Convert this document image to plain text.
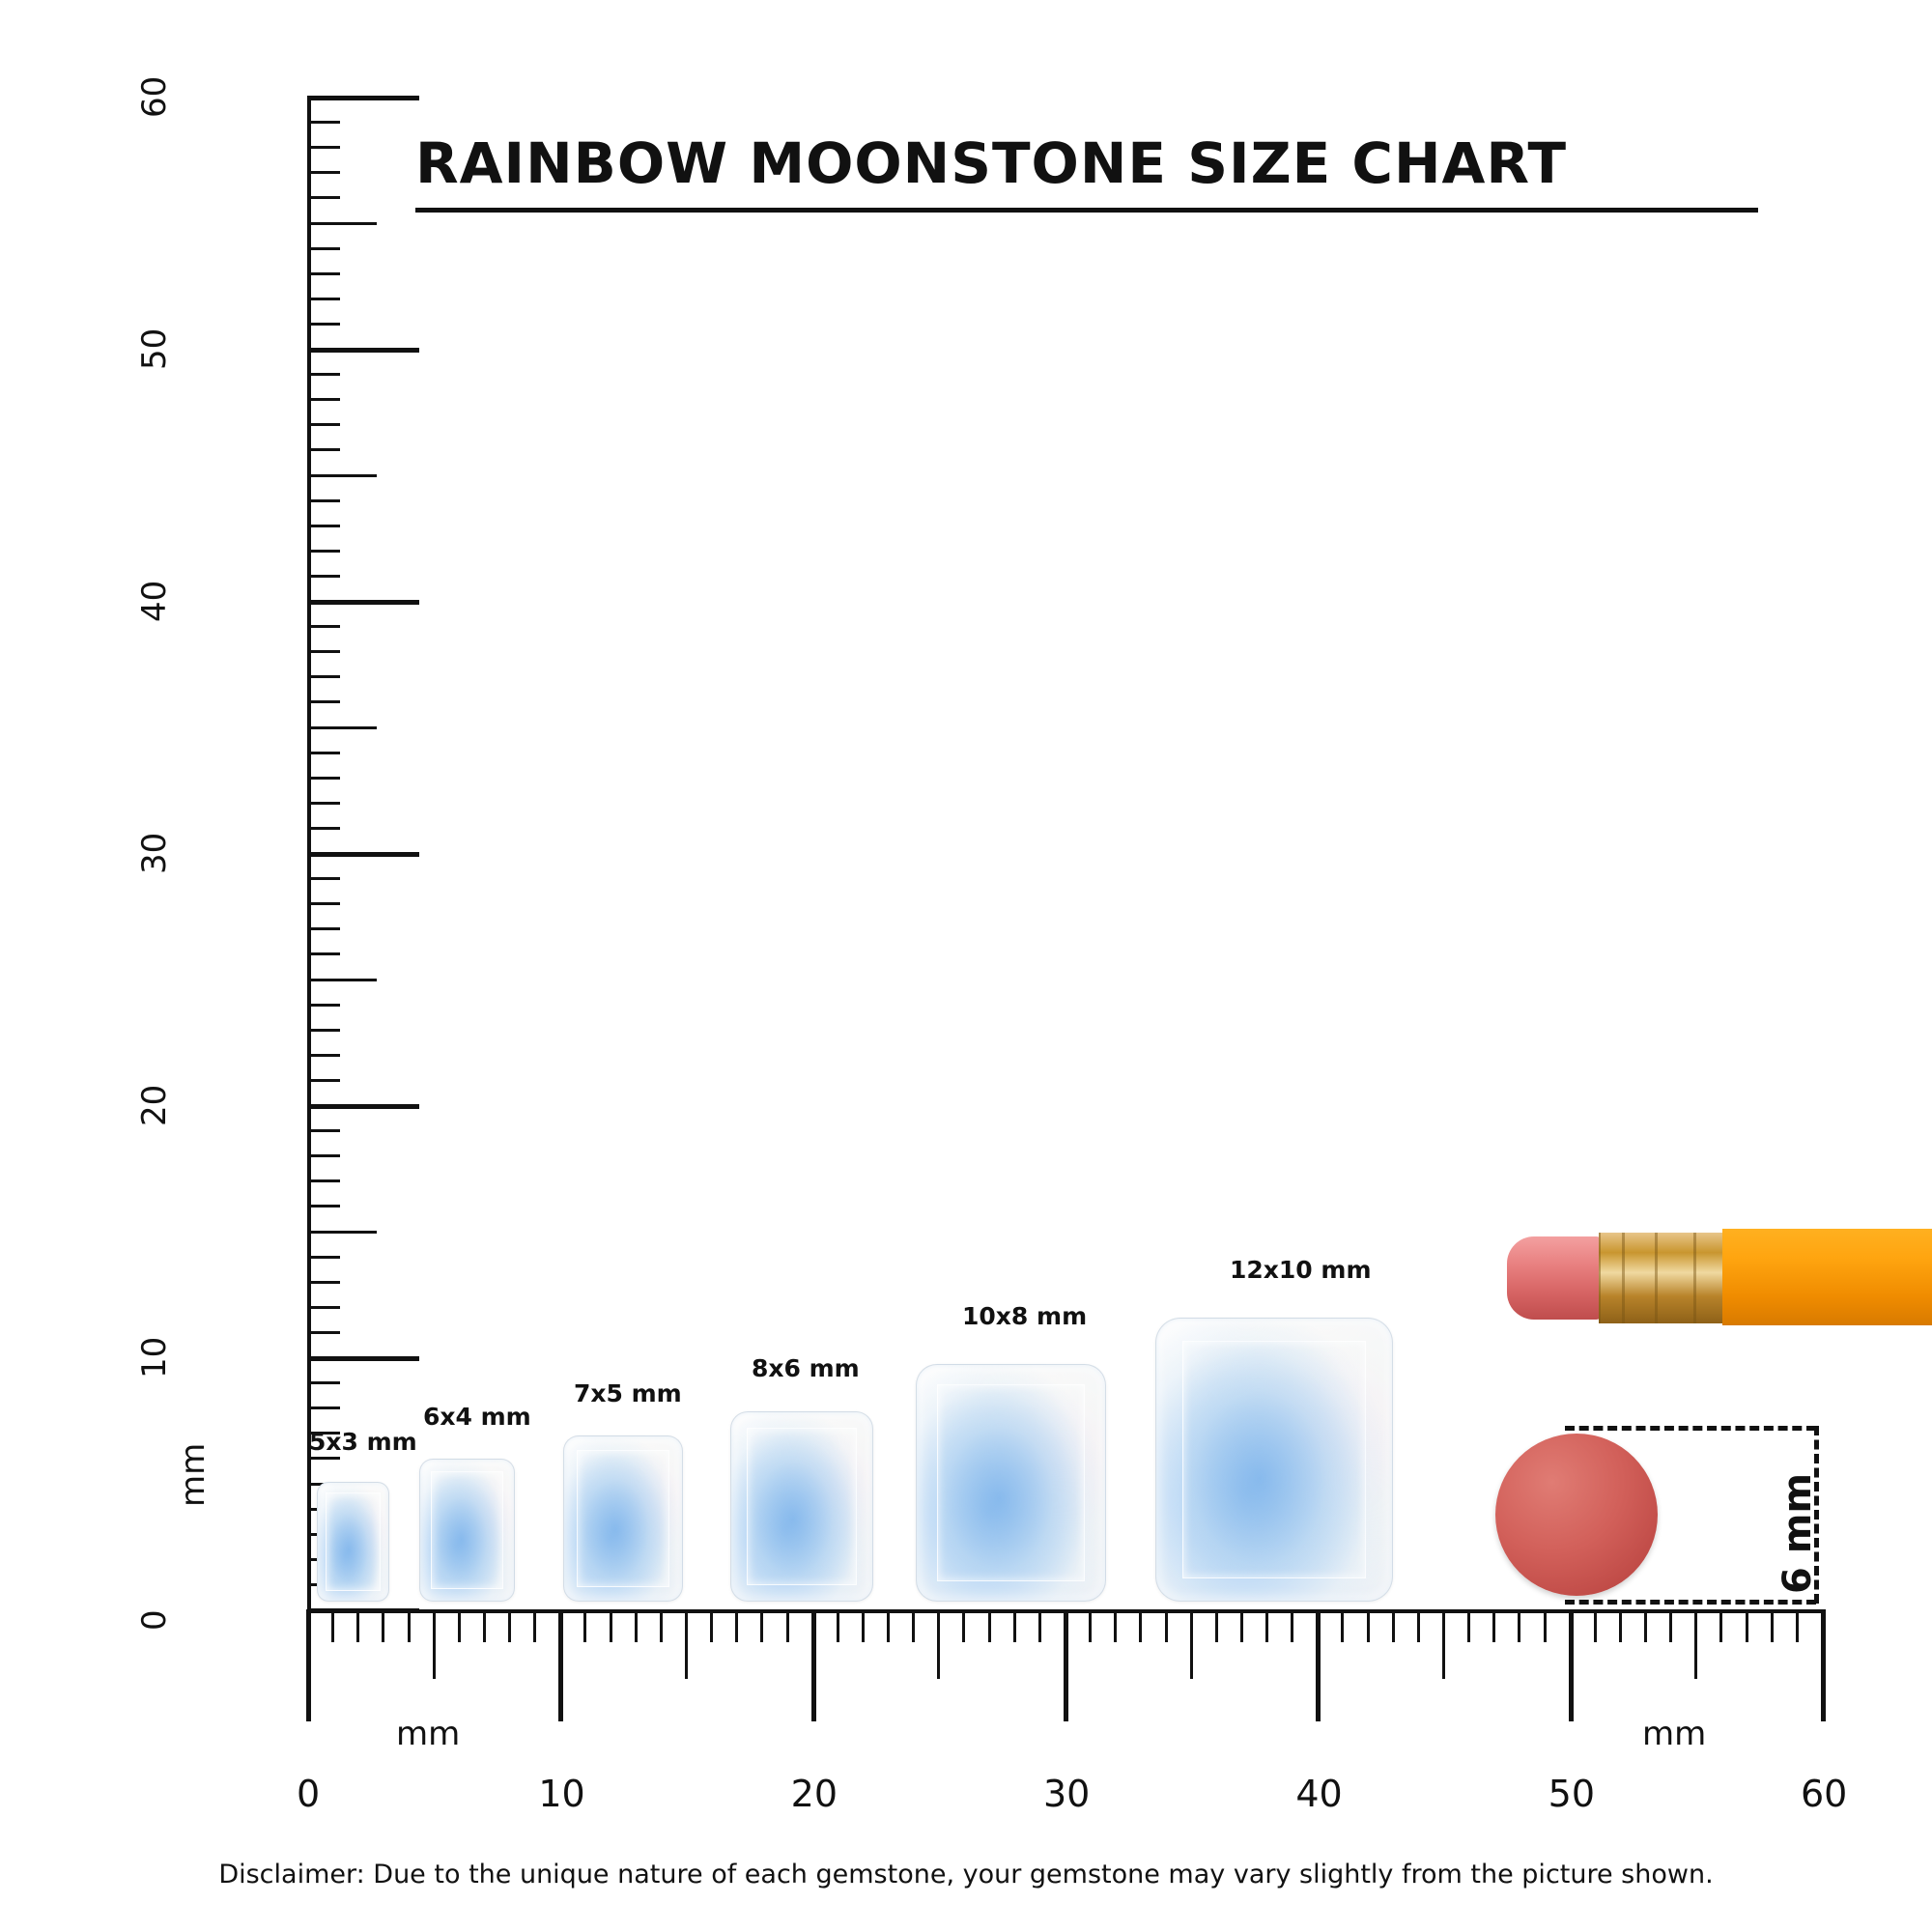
RAINBOW MOONSTONE SIZE CHART
0
10
20
30
40
50
60
mm
0	10	20	30	40	50	60
mm	mm
5x3 mm
6x4 mm
7x5 mm
8x6 mm
10x8 mm
12x10 mm
6 mm
Disclaimer: Due to the unique nature of each gemstone, your gemstone may vary slightly from the picture shown.
